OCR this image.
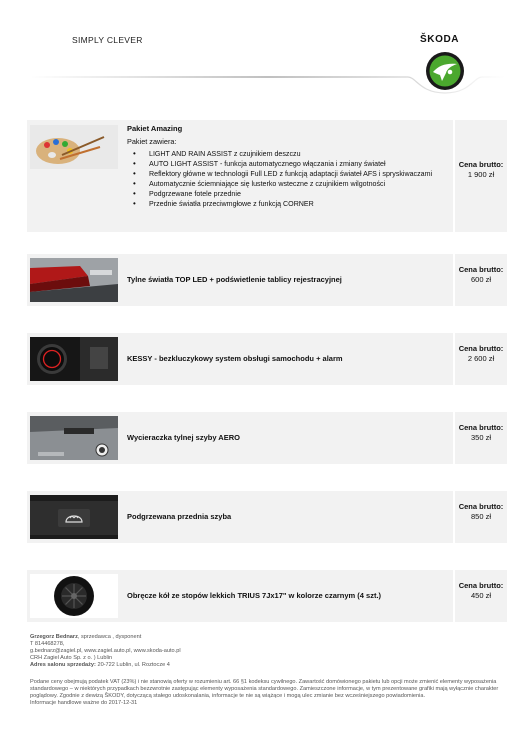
SIMPLY CLEVER	ŠKODA
Pakiet Amazing
Pakiet zawiera:
• LIGHT AND RAIN ASSIST z czujnikiem deszczu
• AUTO LIGHT ASSIST - funkcja automatycznego włączania i zmiany świateł
• Reflektory główne w technologii Full LED z funkcją adaptacji świateł AFS i spryskiwaczami
• Automatycznie ściemniające się lusterko wsteczne z czujnikiem wilgotności
• Podgrzewane fotele przednie
• Przednie światła przeciwmgłowe z funkcją CORNER
Cena brutto:
1 900 zł
Tylne światła TOP LED + podświetlenie tablicy rejestracyjnej
Cena brutto:
600 zł
KESSY - bezkluczykowy system obsługi samochodu + alarm
Cena brutto:
2 600 zł
Wycieraczka tylnej szyby AERO
Cena brutto:
350 zł
Podgrzewana przednia szyba
Cena brutto:
850 zł
Obręcze kół ze stopów lekkich TRIUS 7Jx17" w kolorze czarnym (4 szt.)
Cena brutto:
450 zł
Grzegorz Bednarz, sprzedawca , dysponent
T 814468278,
g.bednarz@zagiel.pl, www.zagiel.auto.pl, www.skoda-auto.pl
CRH Zagiel Auto Sp. z o. ) Lublin
Adres salonu sprzedaży: 20-722 Lublin, ul. Roztocze 4
Podane ceny obejmują podatek VAT (23%) i nie stanowią oferty w rozumieniu art. 66 §1 kodeksu cywilnego. Zawartość domówionego pakietu lub opcji może zmienić elementy wyposażenia standardowego – w niektórych przypadkach bezzwrotnie zastępując elementy wyposażenia standardowego. Zamieszczone informacje, w tym prezentowane grafiki mają wyłącznie charakter poglądowy. Zgodnie z dewizą ŠKODY, dotyczącą stałego udoskonalania, informacje te nie są wiążące i mogą ulec zmianie bez wcześniejszego powiadomienia.
Informacje handlowe ważne do 2017-12-31
